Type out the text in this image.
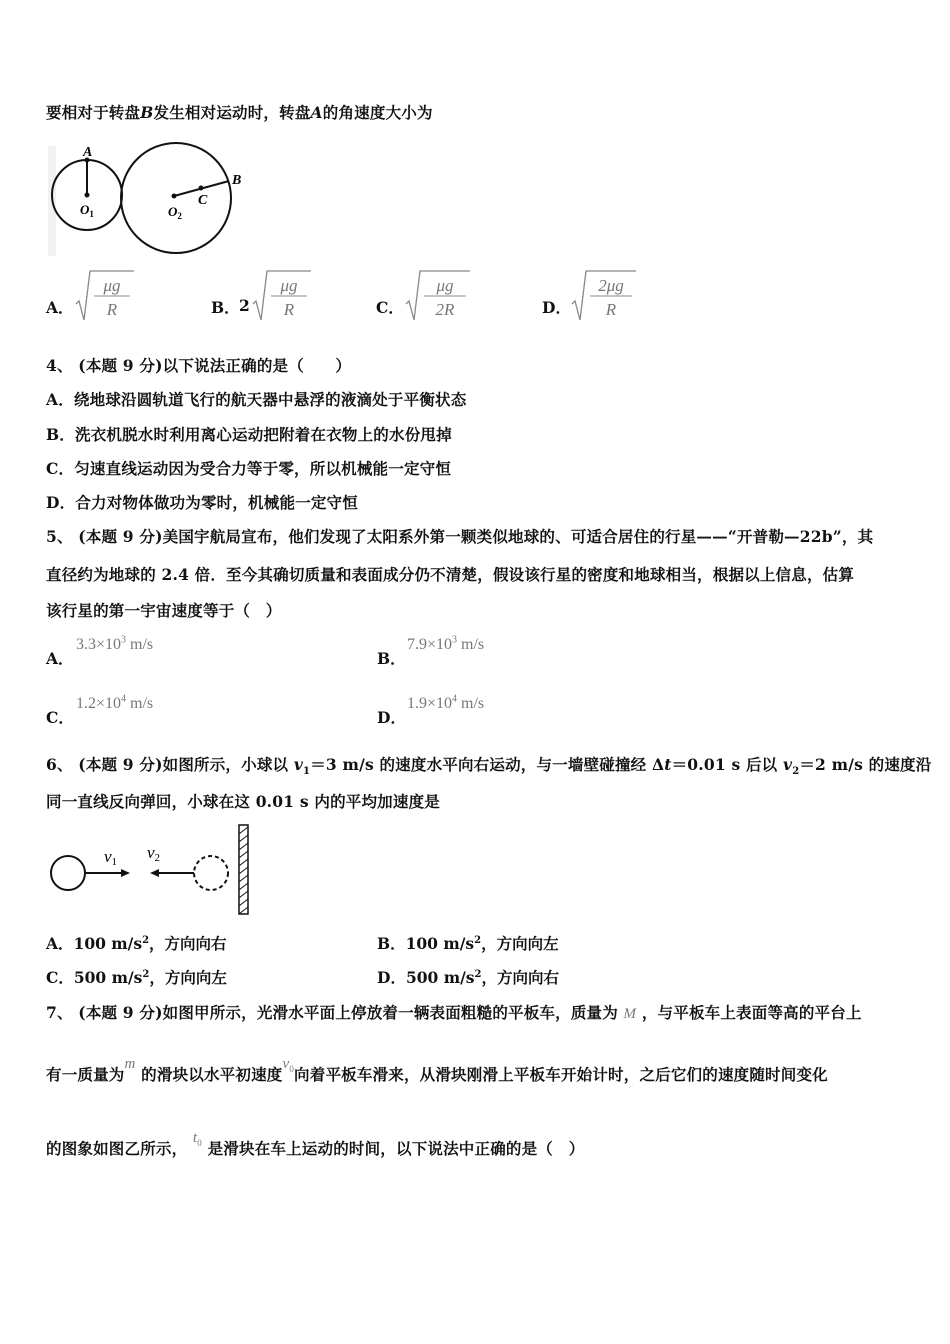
要相对于转盘B发生相对运动时，转盘A的角速度大小为
A
B
C
$O_1$	$O_2$
A．
μg
R	B． 2
μg
R	C．
μg
2R	D．
2μg
R
4、 (本题 9 分)以下说法正确的是（　　）
A．绕地球沿圆轨道飞行的航天器中悬浮的液滴处于平衡状态
B．洗衣机脱水时利用离心运动把附着在衣物上的水份甩掉
C．匀速直线运动因为受合力等于零，所以机械能一定守恒
D．合力对物体做功为零时，机械能一定守恒
5、 (本题 9 分)美国宇航局宣布，他们发现了太阳系外第一颗类似地球的、可适合居住的行星——“开普勒—22b”，其
直径约为地球的 2.4 倍．至今其确切质量和表面成分仍不清楚，假设该行星的密度和地球相当，根据以上信息，估算
该行星的第一宇宙速度等于（　）
A．
$3.3\times 10^3$ m/s
B．
$7.9\times 10^3$ m/s
C．
$1.2\times 10^4$ m/s
D．
$1.9\times 10^4$ m/s
6、 (本题 9 分)如图所示，小球以 $v_1=3$ m/s 的速度水平向右运动，与一墙壁碰撞经 Δt＝0.01 s 后以 $v_2=2$ m/s 的速度沿
同一直线反向弹回，小球在这 0.01 s 内的平均加速度是
v1 v2
A．100 $m/s^2$，方向向右	B．100 $m/s^2$，方向向左
C．500 $m/s^2$，方向向左	D．500 $m/s^2$，方向向右
7、 (本题 9 分)如图甲所示，光滑水平面上停放着一辆表面粗糙的平板车，质量为 M ，与平板车上表面等高的平台上
有一质量为m 的滑块以水平初速度$v_0$向着平板车滑来，从滑块刚滑上平板车开始计时，之后它们的速度随时间变化
的图象如图乙所示， $t_0$ 是滑块在车上运动的时间，以下说法中正确的是（　）
